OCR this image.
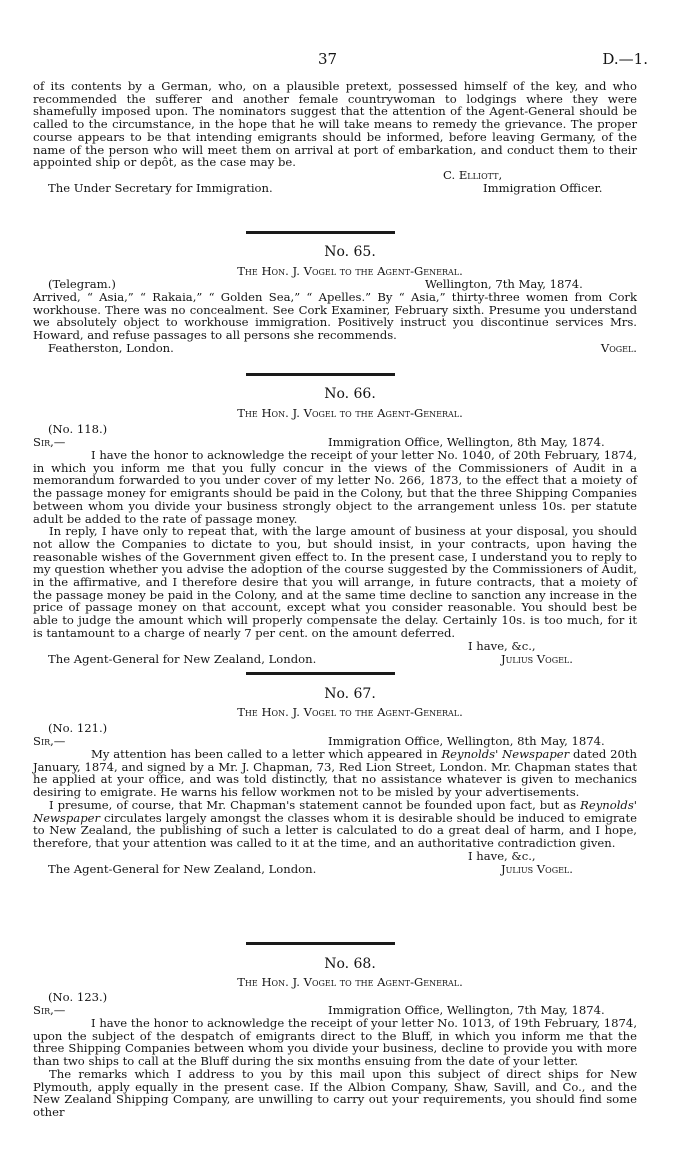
37	D.—1.

of its contents by a German, who, on a plausible pretext, possessed himself of the key, and who recommended the sufferer and another female countrywoman to lodgings where they were shamefully imposed upon. The nominators suggest that the attention of the Agent-General should be called to the circumstance, in the hope that he will take means to remedy the grievance. The proper course appears to be that intending emigrants should be informed, before leaving Germany, of the name of the person who will meet them on arrival at port of embarkation, and conduct them to their appointed ship or depôt, as the case may be.

C. Elliott,
The Under Secretary for Immigration.	Immigration Officer.
No. 65.
The Hon. J. Vogel to the Agent-General.
(Telegram.)	Wellington, 7th May, 1874.

Arrived, “ Asia,” “ Rakaia,” “ Golden Sea,” “ Apelles.” By “ Asia,” thirty-three women from Cork workhouse. There was no concealment. See Cork Examiner, February sixth. Presume you understand we absolutely object to workhouse immigration. Positively instruct you discontinue services Mrs. Howard, and refuse passages to all persons she recommends.

Featherston, London.	Vogel.
No. 66.
The Hon. J. Vogel to the Agent-General.
(No. 118.)
Sir,—	Immigration Office, Wellington, 8th May, 1874.

I have the honor to acknowledge the receipt of your letter No. 1040, of 20th February, 1874, in which you inform me that you fully concur in the views of the Commissioners of Audit in a memorandum forwarded to you under cover of my letter No. 266, 1873, to the effect that a moiety of the passage money for emigrants should be paid in the Colony, but that the three Shipping Companies between whom you divide your business strongly object to the arrangement unless 10s. per statute adult be added to the rate of passage money.

In reply, I have only to repeat that, with the large amount of business at your disposal, you should not allow the Companies to dictate to you, but should insist, in your contracts, upon having the reasonable wishes of the Government given effect to. In the present case, I understand you to reply to my question whether you advise the adoption of the course suggested by the Commissioners of Audit, in the affirmative, and I therefore desire that you will arrange, in future contracts, that a moiety of the passage money be paid in the Colony, and at the same time decline to sanction any increase in the price of passage money on that account, except what you consider reasonable. You should best be able to judge the amount which will properly compensate the delay. Certainly 10s. is too much, for it is tantamount to a charge of nearly 7 per cent. on the amount deferred.

I have, &c.,
The Agent-General for New Zealand, London.	Julius Vogel.
No. 67.
The Hon. J. Vogel to the Agent-General.
(No. 121.)
Sir,—	Immigration Office, Wellington, 8th May, 1874.

My attention has been called to a letter which appeared in Reynolds' Newspaper dated 20th January, 1874, and signed by a Mr. J. Chapman, 73, Red Lion Street, London. Mr. Chapman states that he applied at your office, and was told distinctly, that no assistance whatever is given to mechanics desiring to emigrate. He warns his fellow workmen not to be misled by your advertisements.

I presume, of course, that Mr. Chapman's statement cannot be founded upon fact, but as Reynolds' Newspaper circulates largely amongst the classes whom it is desirable should be induced to emigrate to New Zealand, the publishing of such a letter is calculated to do a great deal of harm, and I hope, therefore, that your attention was called to it at the time, and an authoritative contradiction given.

I have, &c.,
The Agent-General for New Zealand, London.	Julius Vogel.
No. 68.
The Hon. J. Vogel to the Agent-General.
(No. 123.)
Sir,—	Immigration Office, Wellington, 7th May, 1874.

I have the honor to acknowledge the receipt of your letter No. 1013, of 19th February, 1874, upon the subject of the despatch of emigrants direct to the Bluff, in which you inform me that the three Shipping Companies between whom you divide your business, decline to provide you with more than two ships to call at the Bluff during the six months ensuing from the date of your letter.

The remarks which I address to you by this mail upon this subject of direct ships for New Plymouth, apply equally in the present case. If the Albion Company, Shaw, Savill, and Co., and the New Zealand Shipping Company, are unwilling to carry out your requirements, you should find some other
